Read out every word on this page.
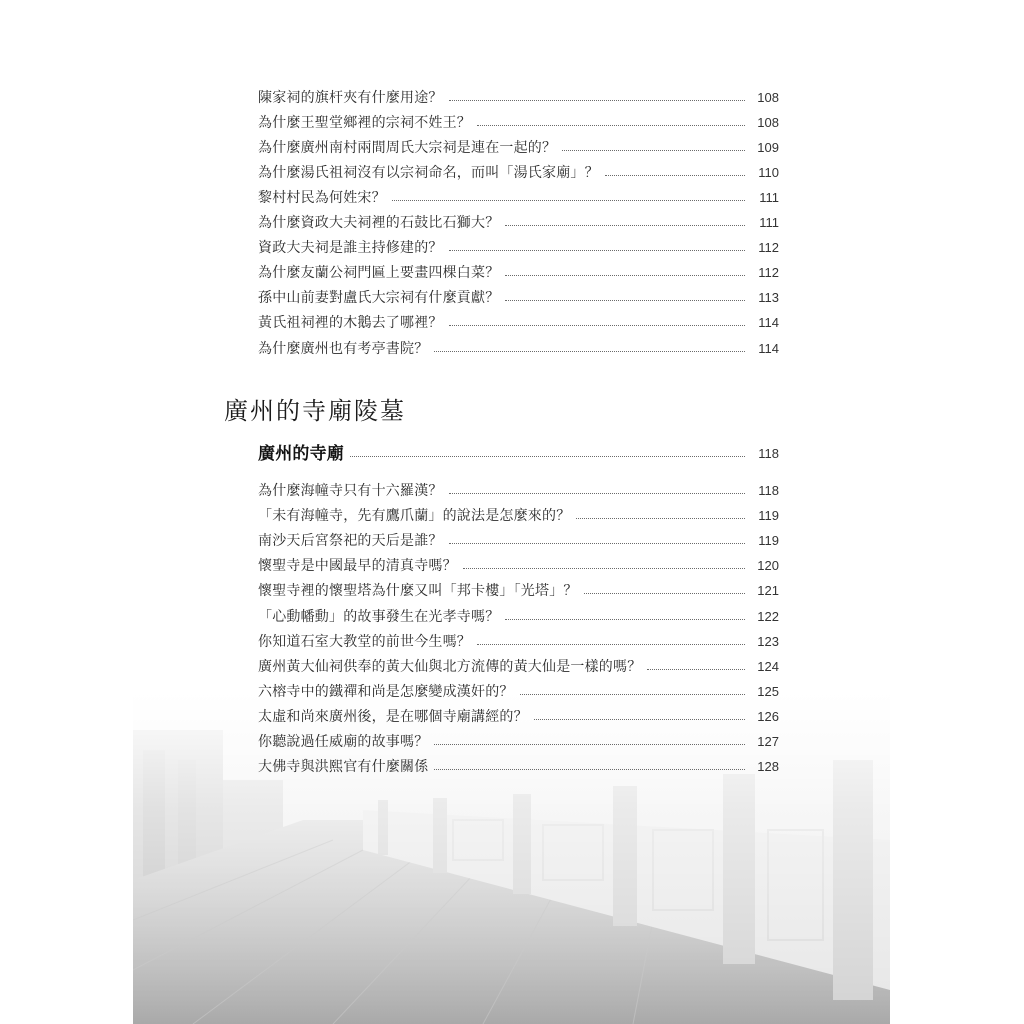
陳家祠的旗杆夾有什麼用途？	108
為什麼王聖堂鄉裡的宗祠不姓王？	108
為什麼廣州南村兩間周氏大宗祠是連在一起的？	109
為什麼湯氏祖祠沒有以宗祠命名，而叫「湯氏家廟」？	110
黎村村民為何姓宋？	111
為什麼資政大夫祠裡的石鼓比石獅大？	111
資政大夫祠是誰主持修建的？	112
為什麼友蘭公祠門匾上要畫四棵白菜？	112
孫中山前妻對盧氏大宗祠有什麼貢獻？	113
黃氏祖祠裡的木鵝去了哪裡？	114
為什麼廣州也有考亭書院？	114
廣州的寺廟陵墓
廣州的寺廟	118
為什麼海幢寺只有十六羅漢？	118
「未有海幢寺，先有鷹爪蘭」的說法是怎麼來的？	119
南沙天后宮祭祀的天后是誰？	119
懷聖寺是中國最早的清真寺嗎？	120
懷聖寺裡的懷聖塔為什麼又叫「邦卡樓」「光塔」？	121
「心動幡動」的故事發生在光孝寺嗎？	122
你知道石室大教堂的前世今生嗎？	123
廣州黃大仙祠供奉的黃大仙與北方流傳的黃大仙是一樣的嗎？	124
六榕寺中的鐵禪和尚是怎麼變成漢奸的？	125
太虛和尚來廣州後，是在哪個寺廟講經的？	126
你聽說過任威廟的故事嗎？	127
大佛寺與洪熙官有什麼關係	128
